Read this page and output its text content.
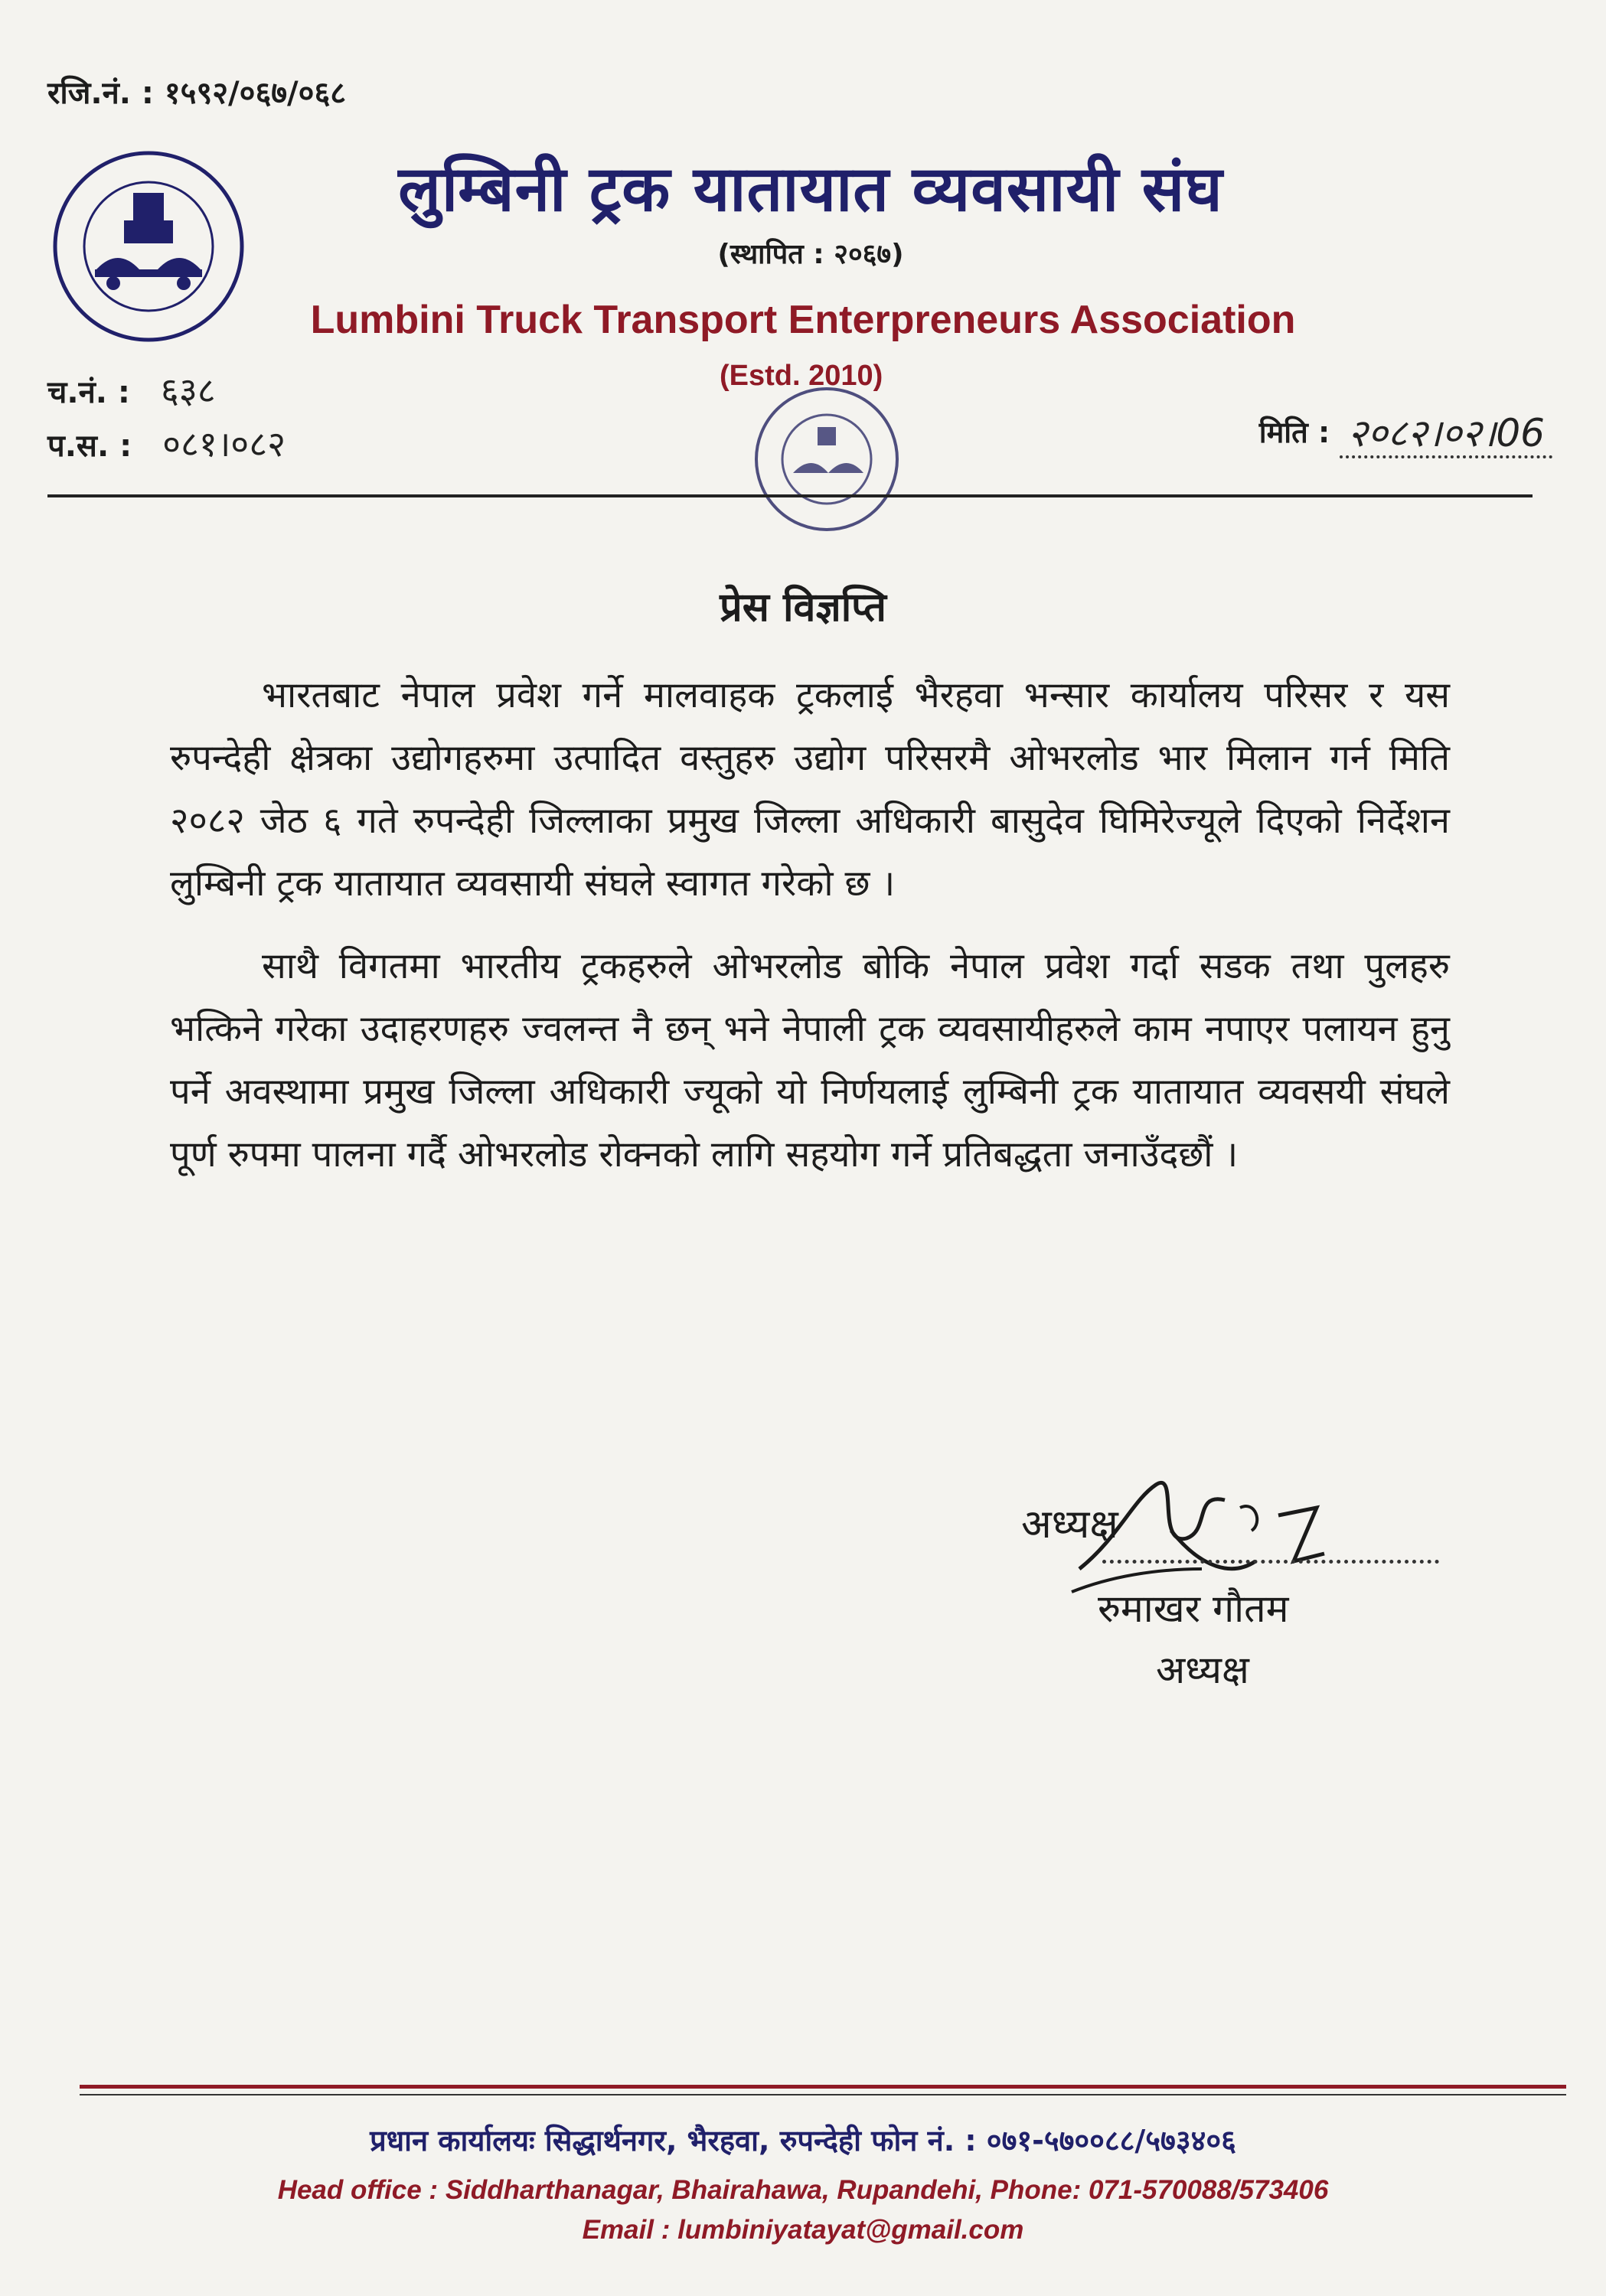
रजि.नं. : १५९२/०६७/०६८
लुम्बिनी ट्रक यातायात व्यवसायी संघ
(स्थापित : २०६७)
Lumbini Truck Transport Enterpreneurs Association
(Estd. 2010)
च.नं. : ६३८
प.स. : ०८१।०८२	मिति : २०८२।०२।06
प्रेस विज्ञप्ति

भारतबाट नेपाल प्रवेश गर्ने मालवाहक ट्रकलाई भैरहवा भन्सार कार्यालय परिसर र यस रुपन्देही क्षेत्रका उद्योगहरुमा उत्पादित वस्तुहरु उद्योग परिसरमै ओभरलोड भार मिलान गर्न मिति २०८२ जेठ ६ गते रुपन्देही जिल्लाका प्रमुख जिल्ला अधिकारी बासुदेव घिमिरेज्यूले दिएको निर्देशन लुम्बिनी ट्रक यातायात व्यवसायी संघले स्वागत गरेको छ ।

साथै विगतमा भारतीय ट्रकहरुले ओभरलोड बोकि नेपाल प्रवेश गर्दा सडक तथा पुलहरु भत्किने गरेका उदाहरणहरु ज्वलन्त नै छन् भने नेपाली ट्रक व्यवसायीहरुले काम नपाएर पलायन हुनु पर्ने अवस्थामा प्रमुख जिल्ला अधिकारी ज्यूको यो निर्णयलाई लुम्बिनी ट्रक यातायात व्यवसयी संघले पूर्ण रुपमा पालना गर्दै ओभरलोड रोक्नको लागि सहयोग गर्ने प्रतिबद्धता जनाउँदछौं ।

अध्यक्ष
रुमाखर गौतम
अध्यक्ष
प्रधान कार्यालयः सिद्धार्थनगर, भैरहवा, रुपन्देही फोन नं. : ०७१-५७००८८/५७३४०६
Head office : Siddharthanagar, Bhairahawa, Rupandehi, Phone: 071-570088/573406
Email : lumbiniyatayat@gmail.com
